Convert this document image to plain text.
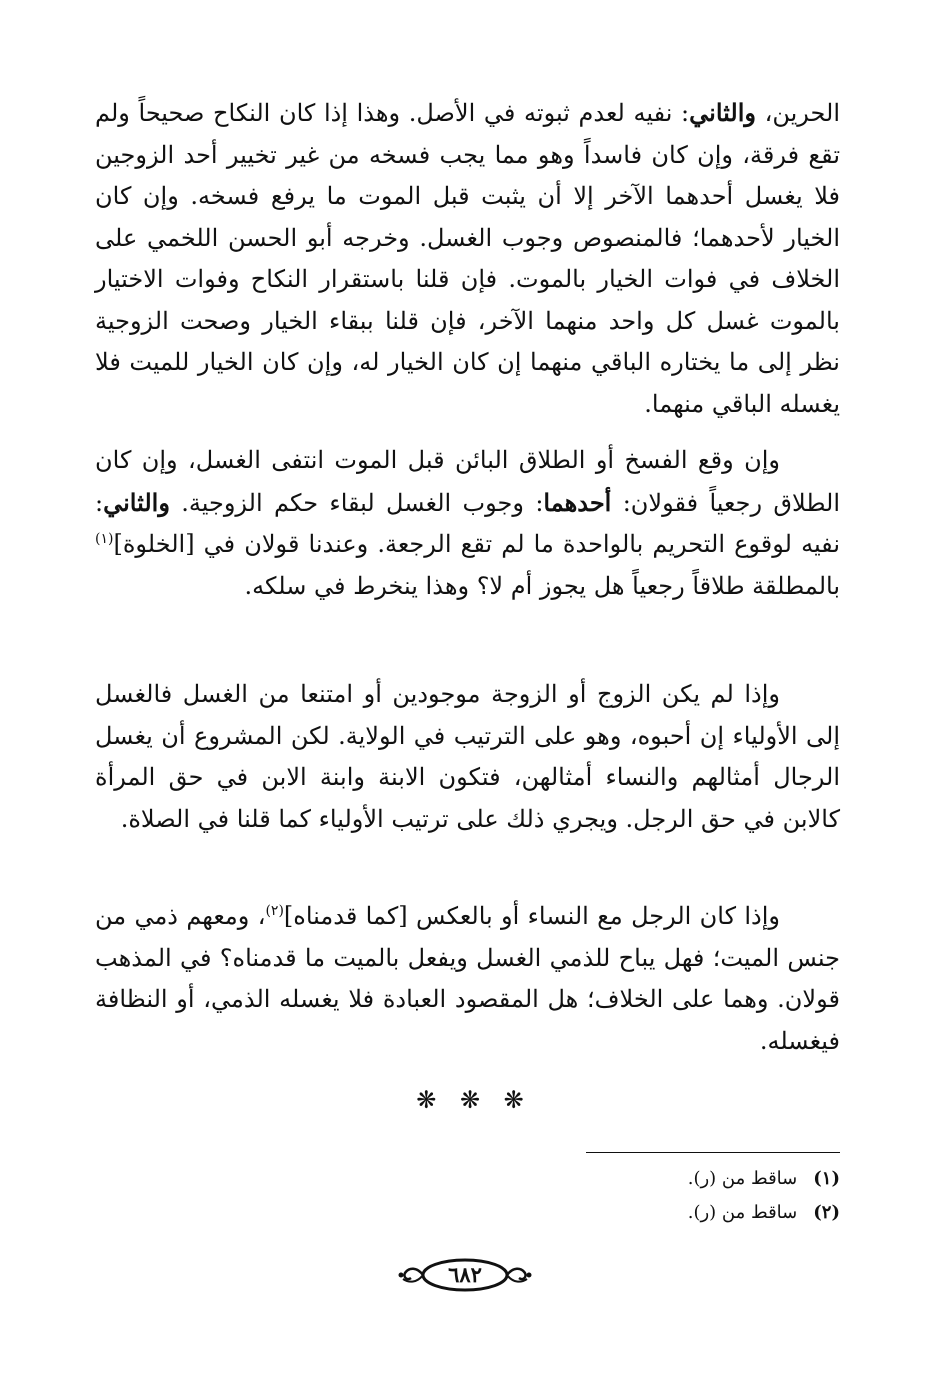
الحرين، والثاني: نفيه لعدم ثبوته في الأصل. وهذا إذا كان النكاح صحيحاً ولم تقع فرقة، وإن كان فاسداً وهو مما يجب فسخه من غير تخيير أحد الزوجين فلا يغسل أحدهما الآخر إلا أن يثبت قبل الموت ما يرفع فسخه. وإن كان الخيار لأحدهما؛ فالمنصوص وجوب الغسل. وخرجه أبو الحسن اللخمي على الخلاف في فوات الخيار بالموت. فإن قلنا باستقرار النكاح وفوات الاختيار بالموت غسل كل واحد منهما الآخر، فإن قلنا ببقاء الخيار وصحت الزوجية نظر إلى ما يختاره الباقي منهما إن كان الخيار له، وإن كان الخيار للميت فلا يغسله الباقي منهما.

وإن وقع الفسخ أو الطلاق البائن قبل الموت انتفى الغسل، وإن كان الطلاق رجعياً فقولان: أحدهما: وجوب الغسل لبقاء حكم الزوجية. والثاني: نفيه لوقوع التحريم بالواحدة ما لم تقع الرجعة. وعندنا قولان في [الخلوة]$^{(١)}$ بالمطلقة طلاقاً رجعياً هل يجوز أم لا؟ وهذا ينخرط في سلكه.

وإذا لم يكن الزوج أو الزوجة موجودين أو امتنعا من الغسل فالغسل إلى الأولياء إن أحبوه، وهو على الترتيب في الولاية. لكن المشروع أن يغسل الرجال أمثالهم والنساء أمثالهن، فتكون الابنة وابنة الابن في حق المرأة كالابن في حق الرجل. ويجري ذلك على ترتيب الأولياء كما قلنا في الصلاة.

وإذا كان الرجل مع النساء أو بالعكس [كما قدمناه]$^{(٢)}$، ومعهم ذمي من جنس الميت؛ فهل يباح للذمي الغسل ويفعل بالميت ما قدمناه؟ في المذهب قولان. وهما على الخلاف؛ هل المقصود العبادة فلا يغسله الذمي، أو النظافة فيغسله.

❋ ❋ ❋
(١)ساقط من (ر).
(٢)ساقط من (ر).
٦٨٢
